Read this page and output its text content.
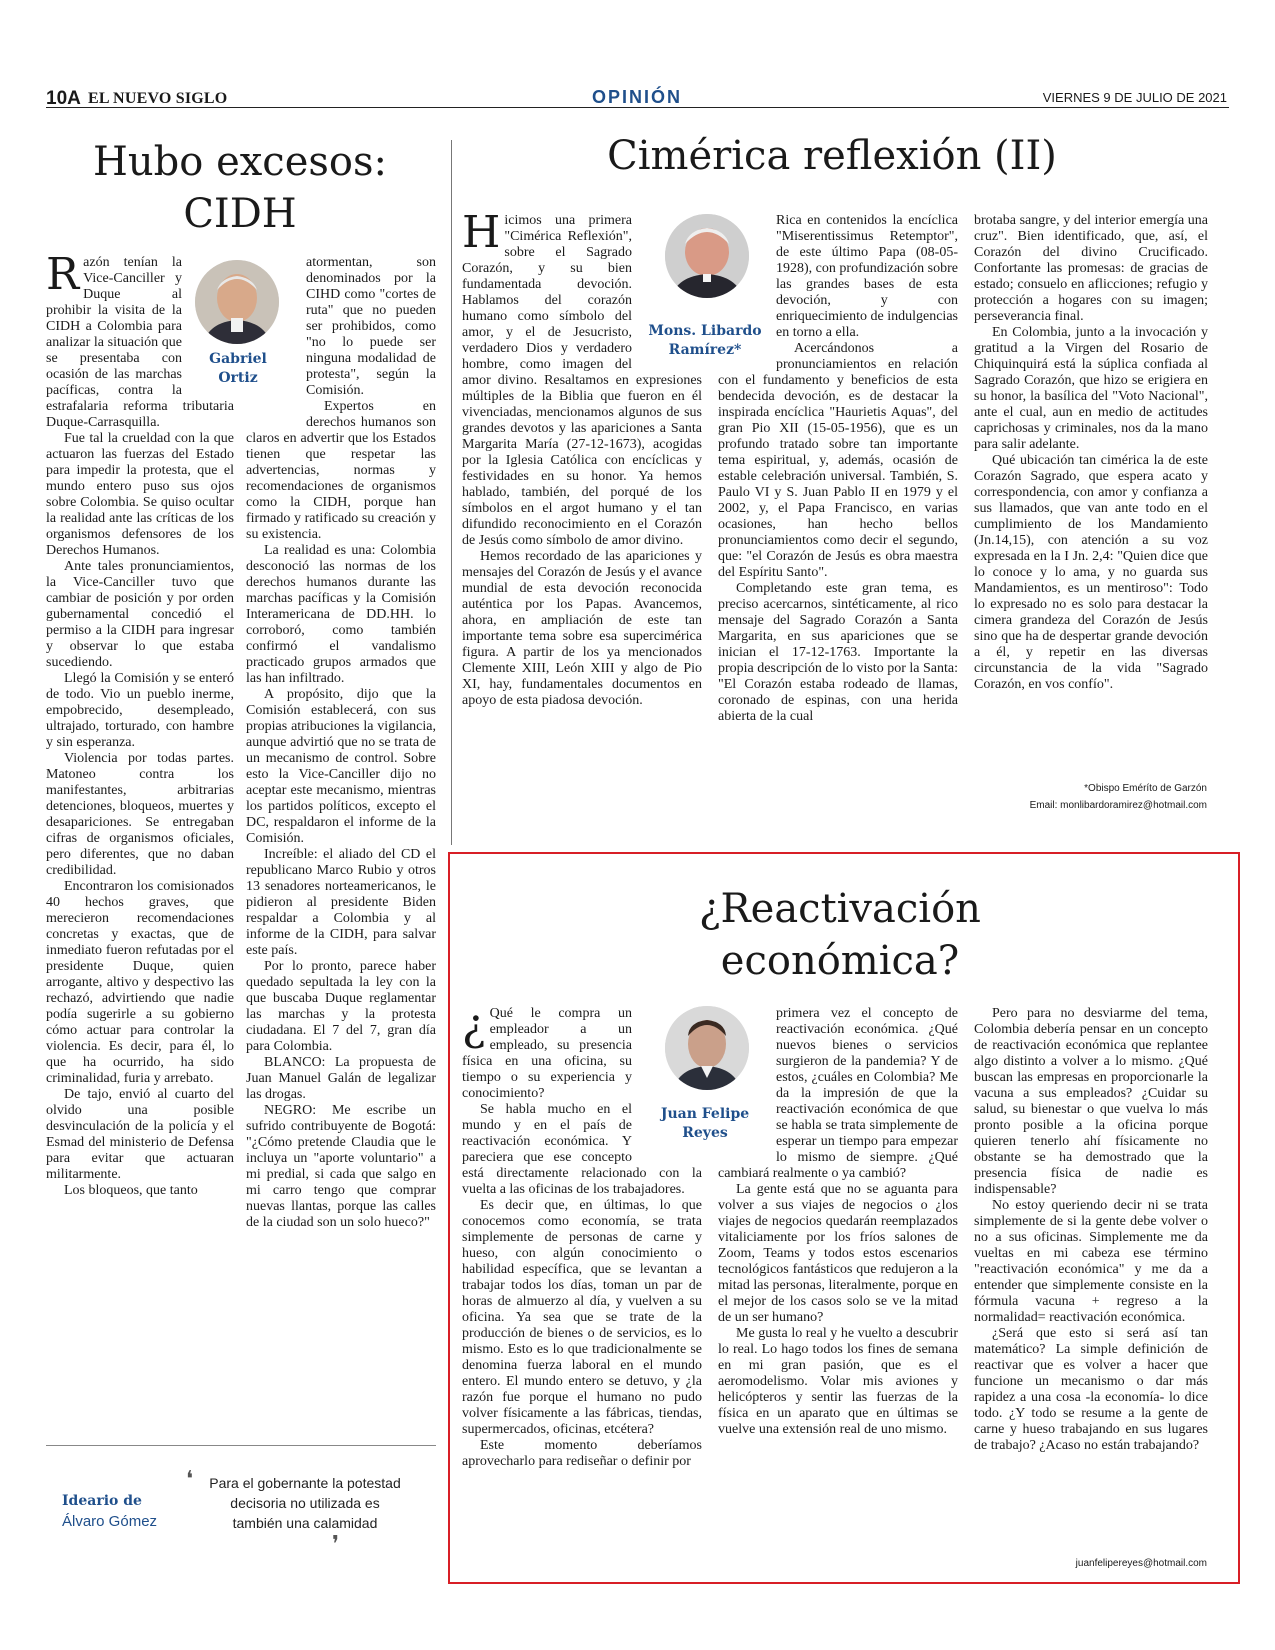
10A EL NUEVO SIGLO	OPINIÓN	VIERNES 9 DE JULIO DE 2021
Hubo excesos:
CIDH
Gabriel
Ortiz
R azón tenían la Vice-Canciller y Duque al prohibir la visita de la CIDH a Colombia para analizar la situación que se presentaba con ocasión de las marchas pacíficas, contra la estrafalaria reforma tributaria Duque-Carrasquilla.

Fue tal la crueldad con la que actuaron las fuerzas del Estado para impedir la protesta, que el mundo entero puso sus ojos sobre Colombia. Se quiso ocultar la realidad ante las críticas de los organismos defensores de los Derechos Humanos.

Ante tales pronunciamientos, la Vice-Canciller tuvo que cambiar de posición y por orden gubernamental concedió el permiso a la CIDH para ingresar y observar lo que estaba sucediendo.

Llegó la Comisión y se enteró de todo. Vio un pueblo inerme, empobrecido, desempleado, ultrajado, torturado, con hambre y sin esperanza.

Violencia por todas partes. Matoneo contra los manifestantes, arbitrarias detenciones, bloqueos, muertes y desapariciones. Se entregaban cifras de organismos oficiales, pero diferentes, que no daban credibilidad.

Encontraron los comisionados 40 hechos graves, que merecieron recomendaciones concretas y exactas, que de inmediato fueron refutadas por el presidente Duque, quien arrogante, altivo y despectivo las rechazó, advirtiendo que nadie podía sugerirle a su gobierno cómo actuar para controlar la violencia. Es decir, para él, lo que ha ocurrido, ha sido criminalidad, furia y arrebato.

De tajo, envió al cuarto del olvido una posible desvinculación de la policía y el Esmad del ministerio de Defensa para evitar que actuaran militarmente.

Los bloqueos, que tanto

atormentan, son denominados por la CIHD como "cortes de ruta" que no pueden ser prohibidos, como "no lo puede ser ninguna modalidad de protesta", según la Comisión.

Expertos en derechos humanos son claros en advertir que los Estados tienen que respetar las advertencias, normas y recomendaciones de organismos como la CIDH, porque han firmado y ratificado su creación y su existencia.

La realidad es una: Colombia desconoció las normas de los derechos humanos durante las marchas pacíficas y la Comisión Interamericana de DD.HH. lo corroboró, como también confirmó el vandalismo practicado grupos armados que las han infiltrado.

A propósito, dijo que la Comisión establecerá, con sus propias atribuciones la vigilancia, aunque advirtió que no se trata de un mecanismo de control. Sobre esto la Vice-Canciller dijo no aceptar este mecanismo, mientras los partidos políticos, excepto el DC, respaldaron el informe de la Comisión.

Increíble: el aliado del CD el republicano Marco Rubio y otros 13 senadores norteamericanos, le pidieron al presidente Biden respaldar a Colombia y al informe de la CIDH, para salvar este país.

Por lo pronto, parece haber quedado sepultada la ley con la que buscaba Duque reglamentar las marchas y la protesta ciudadana. El 7 del 7, gran día para Colombia.

BLANCO: La propuesta de Juan Manuel Galán de legalizar las drogas.

NEGRO: Me escribe un sufrido contribuyente de Bogotá: "¿Cómo pretende Claudia que le incluya un "aporte voluntario" a mi predial, si cada que salgo en mi carro tengo que comprar nuevas llantas, porque las calles de la ciudad son un solo hueco?"

Cimérica reflexión (II)
Mons. Libardo
Ramírez*
H icimos una primera "Cimérica Reflexión", sobre el Sagrado Corazón, y su bien fundamentada devoción. Hablamos del corazón humano como símbolo del amor, y el de Jesucristo, verdadero Dios y verdadero hombre, como imagen del amor divino. Resaltamos en expresiones múltiples de la Biblia que fueron en él vivenciadas, mencionamos algunos de sus grandes devotos y las apariciones a Santa Margarita María (27-12-1673), acogidas por la Iglesia Católica con encíclicas y festividades en su honor. Ya hemos hablado, también, del porqué de los símbolos en el argot humano y el tan difundido reconocimiento en el Corazón de Jesús como símbolo de amor divino.

Hemos recordado de las apariciones y mensajes del Corazón de Jesús y el avance mundial de esta devoción reconocida auténtica por los Papas. Avancemos, ahora, en ampliación de este tan importante tema sobre esa supercimérica figura. A partir de los ya mencionados Clemente XIII, León XIII y algo de Pio XI, hay, fundamentales documentos en apoyo de esta piadosa devoción.

Rica en contenidos la encíclica "Miserentissimus Retemptor", de este último Papa (08-05-1928), con profundización sobre las grandes bases de esta devoción, y con enriquecimiento de indulgencias en torno a ella.

Acercándonos a pronunciamientos en relación con el fundamento y beneficios de esta bendecida devoción, es de destacar la inspirada encíclica "Haurietis Aquas", del gran Pio XII (15-05-1956), que es un profundo tratado sobre tan importante tema espiritual, y, además, ocasión de estable celebración universal. También, S. Paulo VI y S. Juan Pablo II en 1979 y el 2002, y, el Papa Francisco, en varias ocasiones, han hecho bellos pronunciamientos como decir el segundo, que: "el Corazón de Jesús es obra maestra del Espíritu Santo".

Completando este gran tema, es preciso acercarnos, sintéticamente, al rico mensaje del Sagrado Corazón a Santa Margarita, en sus apariciones que se inician el 17-12-1763. Importante la propia descripción de lo visto por la Santa: "El Corazón estaba rodeado de llamas, coronado de espinas, con una herida abierta de la cual

brotaba sangre, y del interior emergía una cruz". Bien identificado, que, así, el Corazón del divino Crucificado. Confortante las promesas: de gracias de estado; consuelo en aflicciones; refugio y protección a hogares con su imagen; perseverancia final.

En Colombia, junto a la invocación y gratitud a la Virgen del Rosario de Chiquinquirá está la súplica confiada al Sagrado Corazón, que hizo se erigiera en su honor, la basílica del "Voto Nacional", ante el cual, aun en medio de actitudes caprichosas y criminales, nos da la mano para salir adelante.

Qué ubicación tan cimérica la de este Corazón Sagrado, que espera acato y correspondencia, con amor y confianza a sus llamados, que van ante todo en el cumplimiento de los Mandamiento (Jn.14,15), con atención a su voz expresada en la I Jn. 2,4: "Quien dice que lo conoce y lo ama, y no guarda sus Mandamientos, es un mentiroso": Todo lo expresado no es solo para destacar la cimera grandeza del Corazón de Jesús sino que ha de despertar grande devoción a él, y repetir en las diversas circunstancia de la vida "Sagrado Corazón, en vos confío".

*Obispo Eméríto de Garzón
Email: monlibardoramirez@hotmail.com
¿Reactivación
económica?
Juan Felipe
Reyes
¿ Qué le compra un empleador a un empleado, su presencia física en una oficina, su tiempo o su experiencia y conocimiento?

Se habla mucho en el mundo y en el país de reactivación económica. Y pareciera que ese concepto está directamente relacionado con la vuelta a las oficinas de los trabajadores.

Es decir que, en últimas, lo que conocemos como economía, se trata simplemente de personas de carne y hueso, con algún conocimiento o habilidad específica, que se levantan a trabajar todos los días, toman un par de horas de almuerzo al día, y vuelven a su oficina. Ya sea que se trate de la producción de bienes o de servicios, es lo mismo. Esto es lo que tradicionalmente se denomina fuerza laboral en el mundo entero. El mundo entero se detuvo, y ¿la razón fue porque el humano no pudo volver físicamente a las fábricas, tiendas, supermercados, oficinas, etcétera?

Este momento deberíamos aprovecharlo para rediseñar o definir por

primera vez el concepto de reactivación económica. ¿Qué nuevos bienes o servicios surgieron de la pandemia? Y de estos, ¿cuáles en Colombia? Me da la impresión de que la reactivación económica de que se habla se trata simplemente de esperar un tiempo para empezar lo mismo de siempre. ¿Qué cambiará realmente o ya cambió?

La gente está que no se aguanta para volver a sus viajes de negocios o ¿los viajes de negocios quedarán reemplazados vitaliciamente por los fríos salones de Zoom, Teams y todos estos escenarios tecnológicos fantásticos que redujeron a la mitad las personas, literalmente, porque en el mejor de los casos solo se ve la mitad de un ser humano?

Me gusta lo real y he vuelto a descubrir lo real. Lo hago todos los fines de semana en mi gran pasión, que es el aeromodelismo. Volar mis aviones y helicópteros y sentir las fuerzas de la física en un aparato que en últimas se vuelve una extensión real de uno mismo.

Pero para no desviarme del tema, Colombia debería pensar en un concepto de reactivación económica que replantee algo distinto a volver a lo mismo. ¿Qué buscan las empresas en proporcionarle la vacuna a sus empleados? ¿Cuidar su salud, su bienestar o que vuelva lo más pronto posible a la oficina porque quieren tenerlo ahí físicamente no obstante se ha demostrado que la presencia física de nadie es indispensable?

No estoy queriendo decir ni se trata simplemente de si la gente debe volver o no a sus oficinas. Simplemente me da vueltas en mi cabeza ese término "reactivación económica" y me da a entender que simplemente consiste en la fórmula vacuna + regreso a la normalidad= reactivación económica.

¿Será que esto si será así tan matemático? La simple definición de reactivar que es volver a hacer que funcione un mecanismo o dar más rapidez a una cosa -la economía- lo dice todo. ¿Y todo se resume a la gente de carne y hueso trabajando en sus lugares de trabajo? ¿Acaso no están trabajando?

juanfelipereyes@hotmail.com
Ideario de
Álvaro Gómez
❛	Para el gobernante la potestad decisoria no utilizada es también una calamidad
❜
